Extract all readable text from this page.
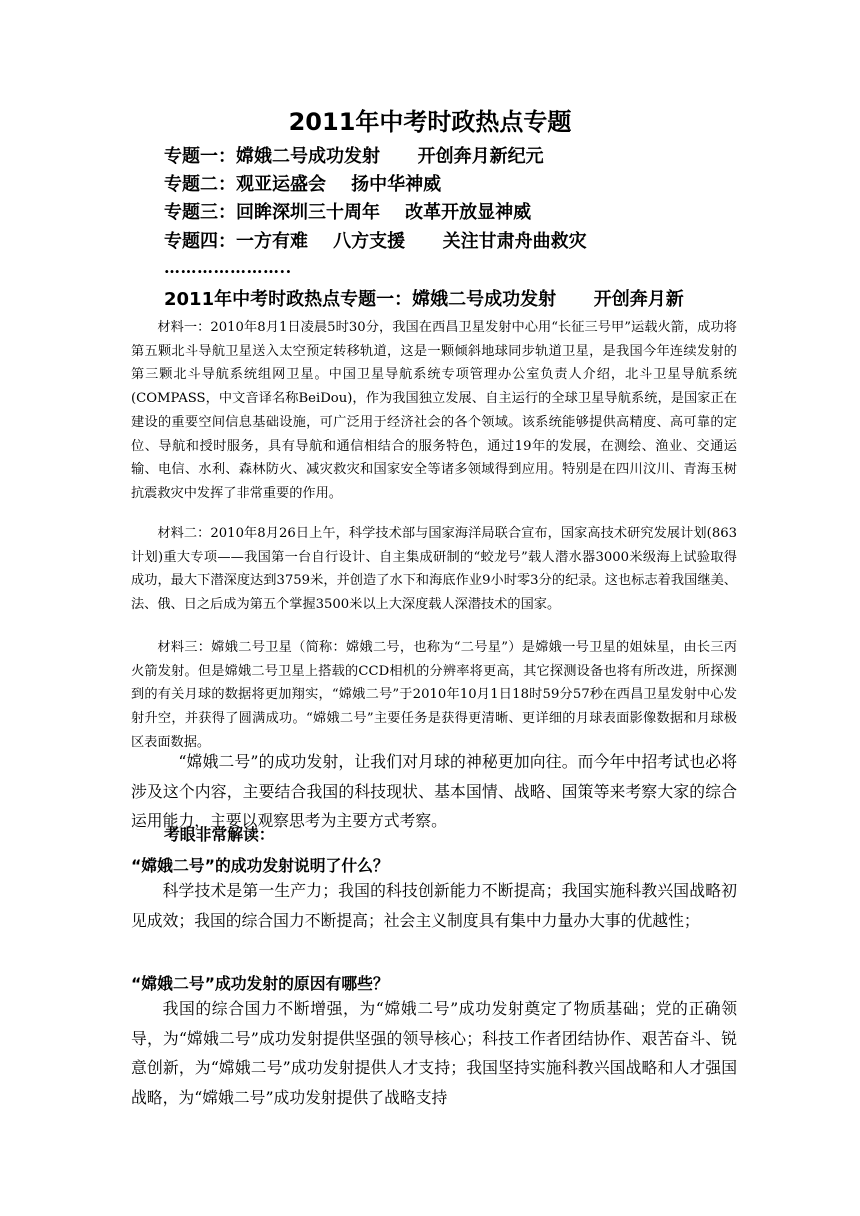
2011年中考时政热点专题
专题一：嫦娥二号成功发射      开创奔月新纪元
专题二：观亚运盛会    扬中华神威
专题三：回眸深圳三十周年    改革开放显神威
专题四：一方有难    八方支援      关注甘肃舟曲救灾
…………………..
2011年中考时政热点专题一：嫦娥二号成功发射      开创奔月新

材料一：2010年8月1日凌晨5时30分，我国在西昌卫星发射中心用“长征三号甲”运载火箭，成功将第五颗北斗导航卫星送入太空预定转移轨道，这是一颗倾斜地球同步轨道卫星，是我国今年连续发射的第三颗北斗导航系统组网卫星。中国卫星导航系统专项管理办公室负责人介绍，北斗卫星导航系统(COMPASS，中文音译名称BeiDou)，作为我国独立发展、自主运行的全球卫星导航系统，是国家正在建设的重要空间信息基础设施，可广泛用于经济社会的各个领域。该系统能够提供高精度、高可靠的定位、导航和授时服务，具有导航和通信相结合的服务特色，通过19年的发展，在测绘、渔业、交通运输、电信、水利、森林防火、减灾救灾和国家安全等诸多领域得到应用。特别是在四川汶川、青海玉树抗震救灾中发挥了非常重要的作用。

材料二：2010年8月26日上午，科学技术部与国家海洋局联合宣布，国家高技术研究发展计划(863计划)重大专项——我国第一台自行设计、自主集成研制的“蛟龙号”载人潜水器3000米级海上试验取得成功，最大下潜深度达到3759米，并创造了水下和海底作业9小时零3分的纪录。这也标志着我国继美、法、俄、日之后成为第五个掌握3500米以上大深度载人深潜技术的国家。

材料三：嫦娥二号卫星（简称：嫦娥二号，也称为“二号星”）是嫦娥一号卫星的姐妹星，由长三丙火箭发射。但是嫦娥二号卫星上搭载的CCD相机的分辨率将更高，其它探测设备也将有所改进，所探测到的有关月球的数据将更加翔实，“嫦娥二号”于2010年10月1日18时59分57秒在西昌卫星发射中心发射升空，并获得了圆满成功。“嫦娥二号”主要任务是获得更清晰、更详细的月球表面影像数据和月球极区表面数据。

“嫦娥二号”的成功发射，让我们对月球的神秘更加向往。而今年中招考试也必将涉及这个内容，主要结合我国的科技现状、基本国情、战略、国策等来考察大家的综合运用能力，主要以观察思考为主要方式考察。

考眼非常解读：
“嫦娥二号”的成功发射说明了什么？

科学技术是第一生产力；我国的科技创新能力不断提高；我国实施科教兴国战略初见成效；我国的综合国力不断提高；社会主义制度具有集中力量办大事的优越性；

“嫦娥二号”成功发射的原因有哪些？

我国的综合国力不断增强，为“嫦娥二号”成功发射奠定了物质基础；党的正确领导，为“嫦娥二号”成功发射提供坚强的领导核心；科技工作者团结协作、艰苦奋斗、锐意创新，为“嫦娥二号”成功发射提供人才支持；我国坚持实施科教兴国战略和人才强国战略，为“嫦娥二号”成功发射提供了战略支持
